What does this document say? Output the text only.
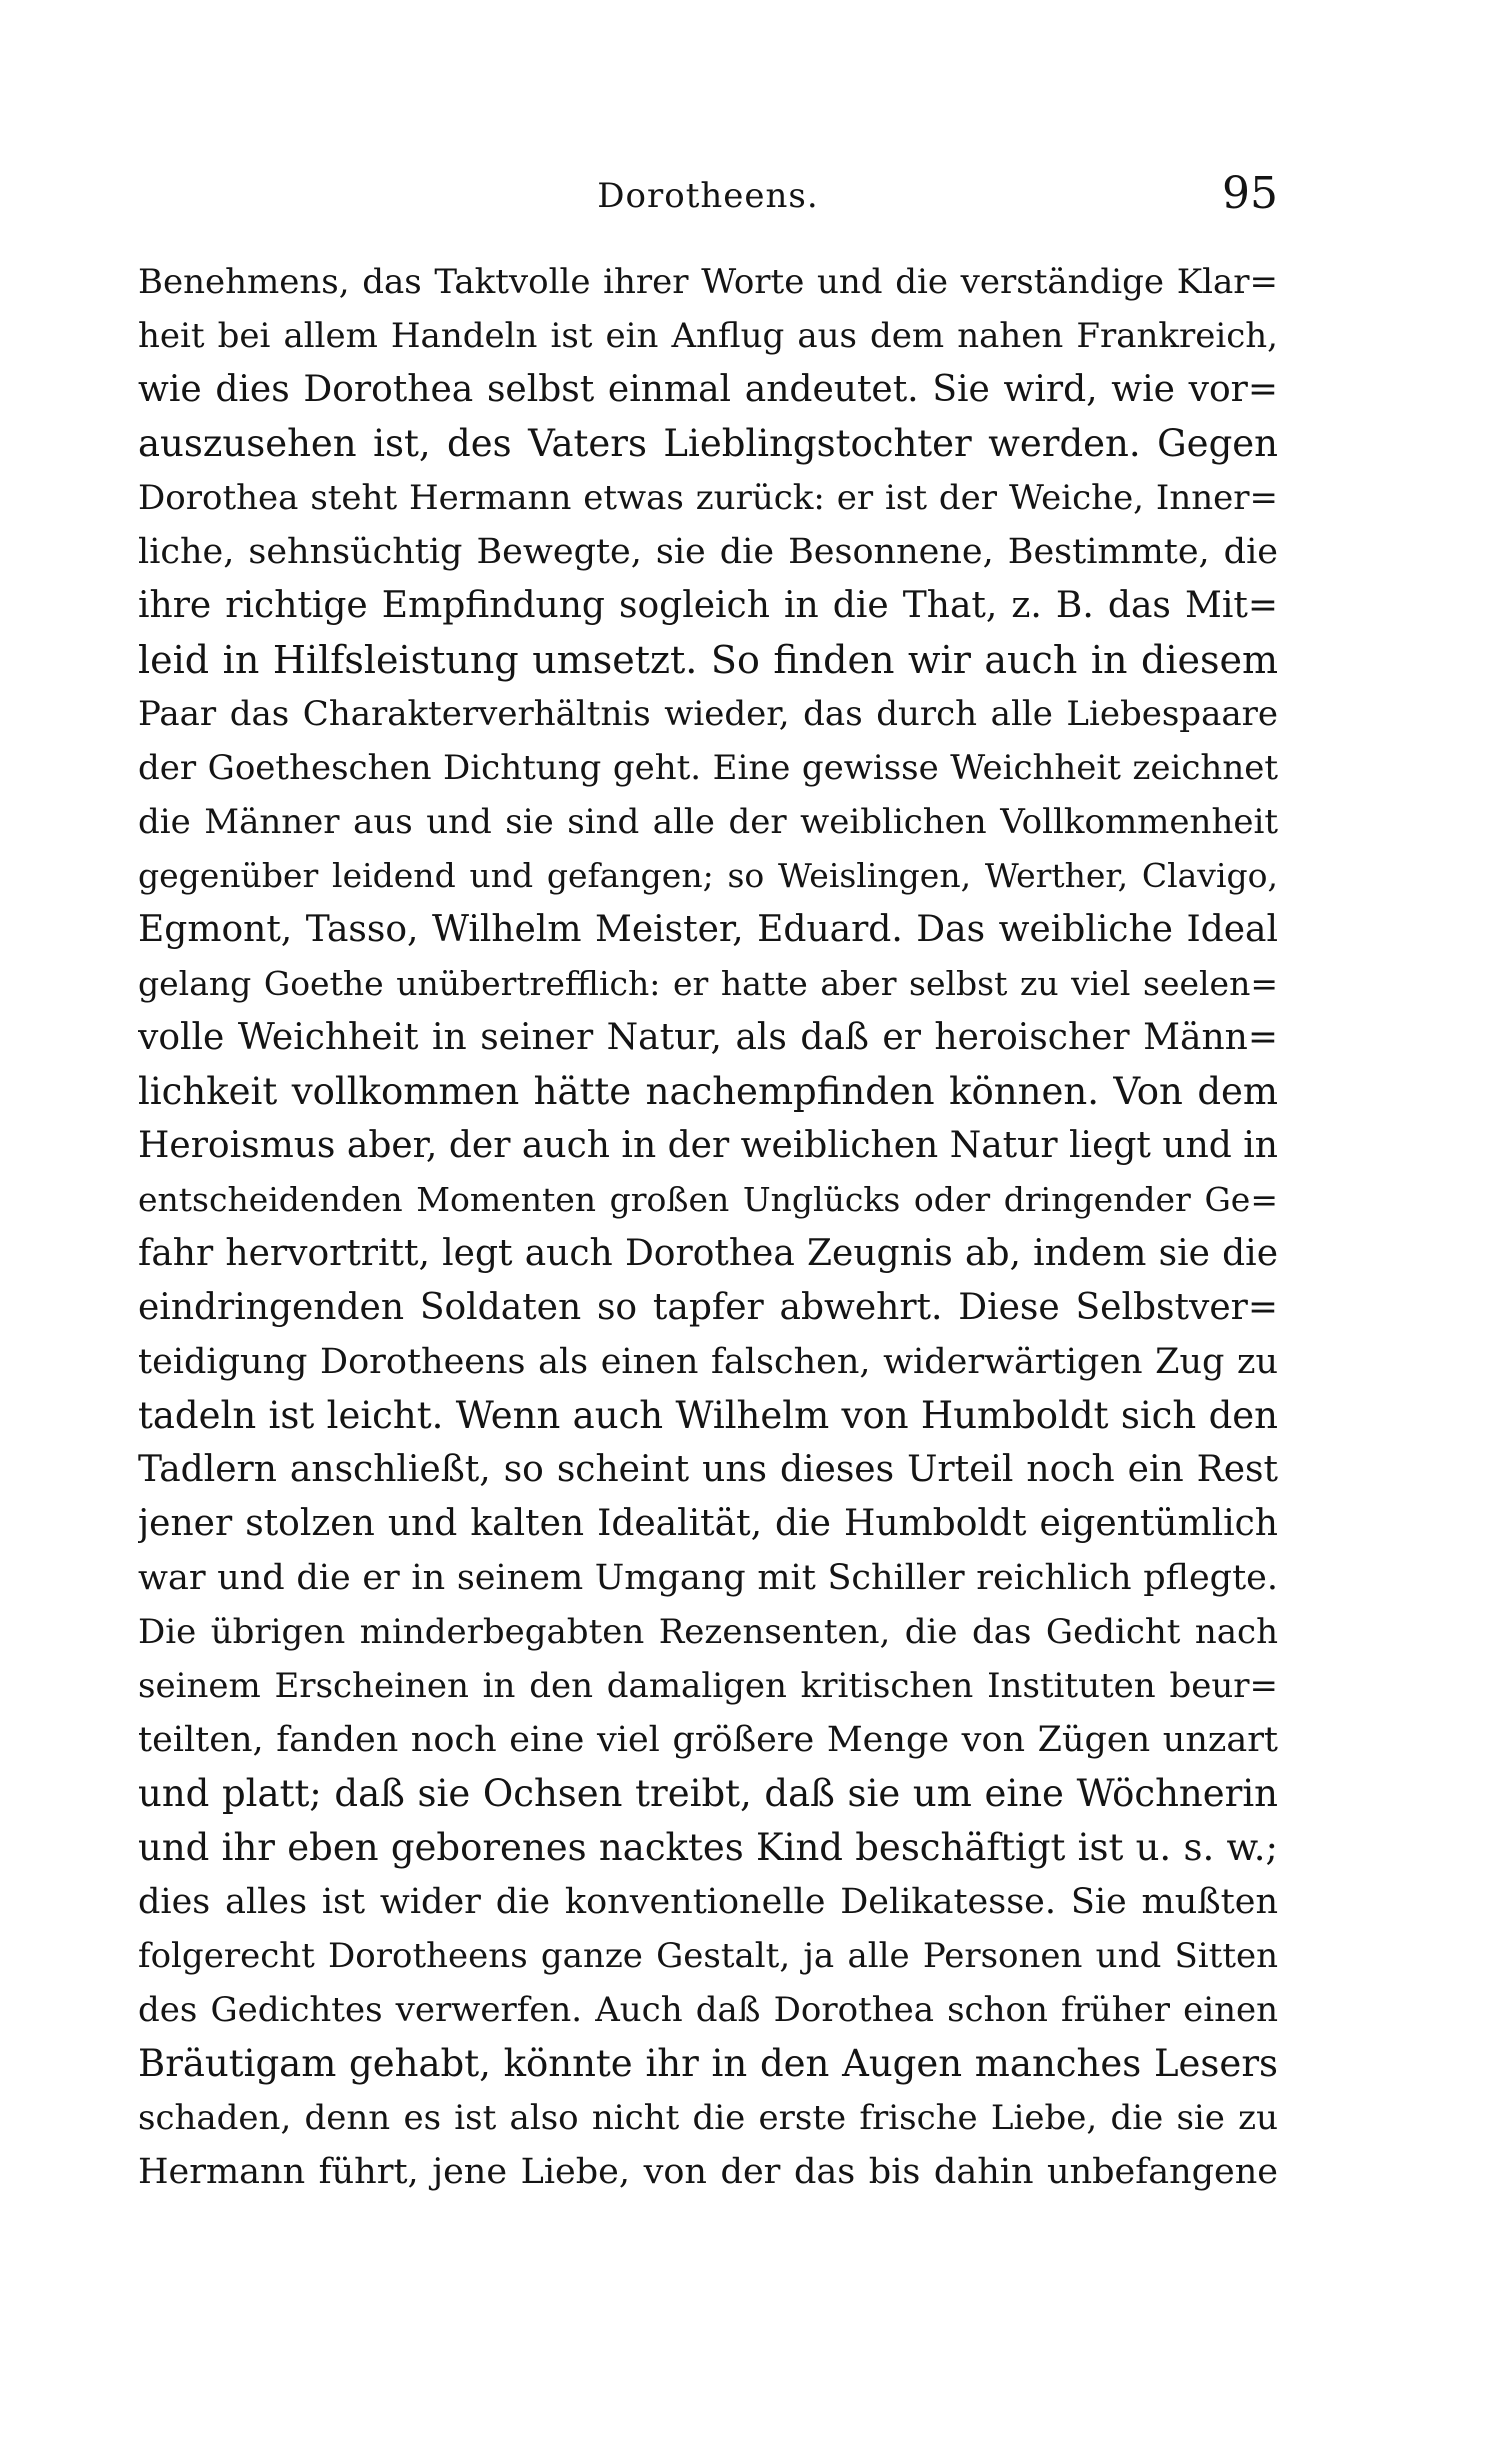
Dorotheens.	95
Benehmens, das Taktvolle ihrer Worte und die verständige Klar=
heit bei allem Handeln ist ein Anflug aus dem nahen Frankreich,
wie dies Dorothea selbst einmal andeutet. Sie wird, wie vor=
auszusehen ist, des Vaters Lieblingstochter werden. Gegen
Dorothea steht Hermann etwas zurück: er ist der Weiche, Inner=
liche, sehnsüchtig Bewegte, sie die Besonnene, Bestimmte, die
ihre richtige Empfindung sogleich in die That, z. B. das Mit=
leid in Hilfsleistung umsetzt. So finden wir auch in diesem
Paar das Charakterverhältnis wieder, das durch alle Liebespaare
der Goetheschen Dichtung geht. Eine gewisse Weichheit zeichnet
die Männer aus und sie sind alle der weiblichen Vollkommenheit
gegenüber leidend und gefangen; so Weislingen, Werther, Clavigo,
Egmont, Tasso, Wilhelm Meister, Eduard. Das weibliche Ideal
gelang Goethe unübertrefflich: er hatte aber selbst zu viel seelen=
volle Weichheit in seiner Natur, als daß er heroischer Männ=
lichkeit vollkommen hätte nachempfinden können. Von dem
Heroismus aber, der auch in der weiblichen Natur liegt und in
entscheidenden Momenten großen Unglücks oder dringender Ge=
fahr hervortritt, legt auch Dorothea Zeugnis ab, indem sie die
eindringenden Soldaten so tapfer abwehrt. Diese Selbstver=
teidigung Dorotheens als einen falschen, widerwärtigen Zug zu
tadeln ist leicht. Wenn auch Wilhelm von Humboldt sich den
Tadlern anschließt, so scheint uns dieses Urteil noch ein Rest
jener stolzen und kalten Idealität, die Humboldt eigentümlich
war und die er in seinem Umgang mit Schiller reichlich pflegte.
Die übrigen minderbegabten Rezensenten, die das Gedicht nach
seinem Erscheinen in den damaligen kritischen Instituten beur=
teilten, fanden noch eine viel größere Menge von Zügen unzart
und platt; daß sie Ochsen treibt, daß sie um eine Wöchnerin
und ihr eben geborenes nacktes Kind beschäftigt ist u. s. w.;
dies alles ist wider die konventionelle Delikatesse. Sie mußten
folgerecht Dorotheens ganze Gestalt, ja alle Personen und Sitten
des Gedichtes verwerfen. Auch daß Dorothea schon früher einen
Bräutigam gehabt, könnte ihr in den Augen manches Lesers
schaden, denn es ist also nicht die erste frische Liebe, die sie zu
Hermann führt, jene Liebe, von der das bis dahin unbefangene
